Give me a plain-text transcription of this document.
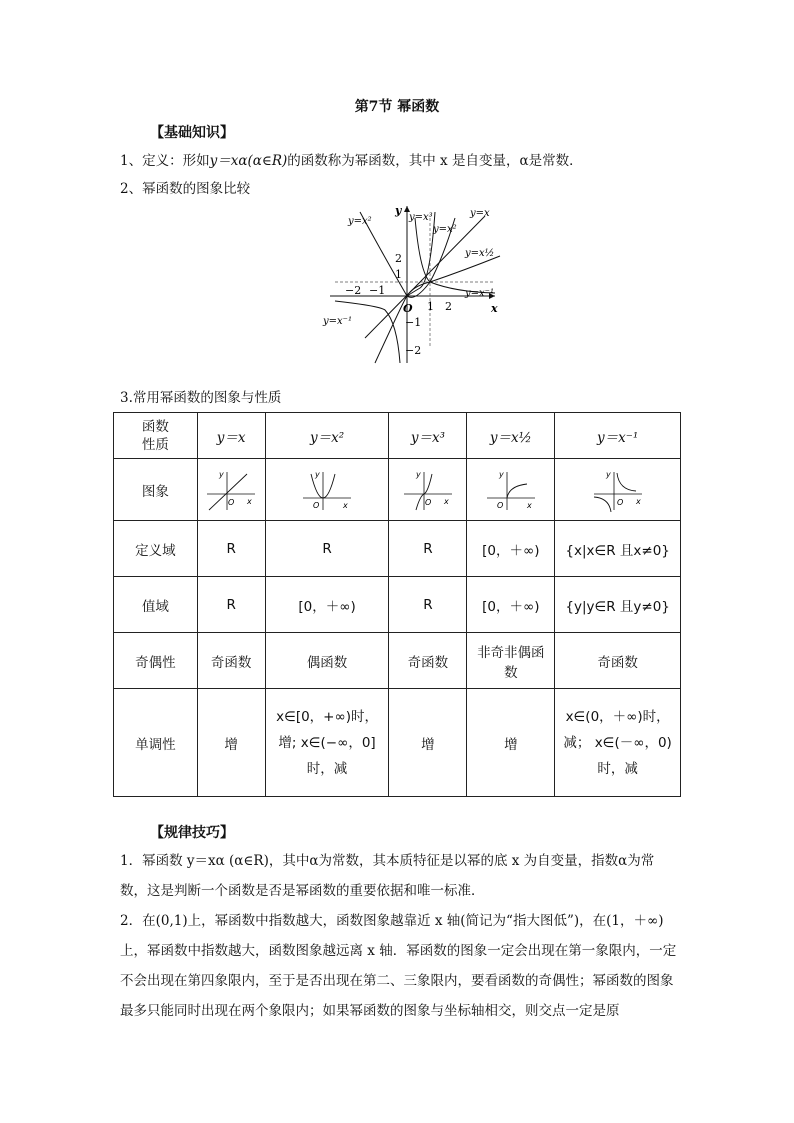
第7节 幂函数
【基础知识】
1、定义：形如y＝xα(α∈R)的函数称为幂函数，其中 x 是自变量，α是常数．
2、幂函数的图象比较
y=x²	y=x³	y=x
y=x²
y=x½
y=x⁻¹
y=x⁻¹
x
y
O
−2 −1
1 2
2
1
−1
−2
3.常用幂函数的图象与性质
函数
性质	y＝x	y＝x²	y＝x³	y＝x½	y＝x⁻¹
图象	x
y
O	x
y
O	x
y
O	x
y
O	x
y
O

定义域	R	R	R	[0，＋∞)	{x|x∈R 且x≠0}
值域	R	[0，＋∞)	R	[0，＋∞)	{y|y∈R 且y≠0}
奇偶性	奇函数	偶函数	奇函数	非奇非偶函数	奇函数
单调性	增	x∈[0，+∞)时，增; x∈(−∞，0]时，减	增	增	x∈(0，＋∞)时，减； x∈(－∞，0)时，减
【规律技巧】
1．幂函数 y＝xα (α∈R)，其中α为常数，其本质特征是以幂的底 x 为自变量，指数α为常数，这是判断一个函数是否是幂函数的重要依据和唯一标准．
2．在(0,1)上，幂函数中指数越大，函数图象越靠近 x 轴(简记为“指大图低”)，在(1，＋∞)上，幂函数中指数越大，函数图象越远离 x 轴．幂函数的图象一定会出现在第一象限内，一定不会出现在第四象限内，至于是否出现在第二、三象限内，要看函数的奇偶性；幂函数的图象最多只能同时出现在两个象限内；如果幂函数的图象与坐标轴相交，则交点一定是原
